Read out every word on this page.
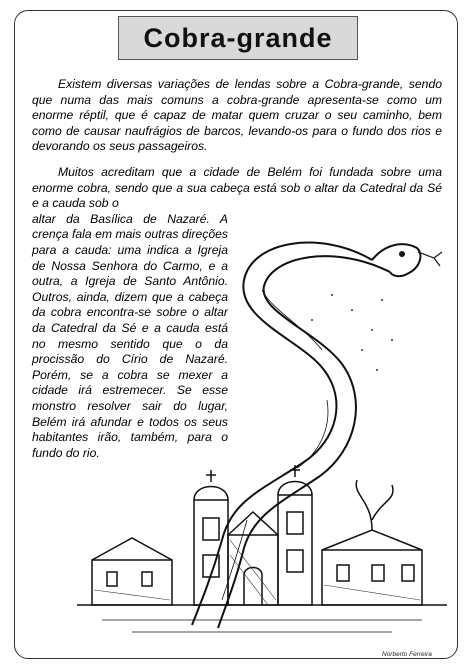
Cobra-grande

Existem diversas variações de lendas sobre a Cobra-grande, sendo que numa das mais comuns a cobra-grande apresenta-se como um enorme réptil, que é capaz de matar quem cruzar o seu caminho, bem como de causar naufrágios de barcos, levando-os para o fundo dos rios e devorando os seus passageiros.

Muitos acreditam que a cidade de Belém foi fundada sobre uma enorme cobra, sendo que a sua cabeça está sob o altar da Catedral da Sé e a cauda sob o
altar da Basílica de Nazaré. A crença fala em mais outras direções para a cauda: uma indica a Igreja de Nossa Senhora do Carmo, e a outra, a Igreja de Santo Antônio. Outros, ainda, dizem que a cabeça da cobra encontra-se sobre o altar da Catedral da Sé e a cauda está no mesmo sentido que o da procissão do Círio de Nazaré. Porém, se a cobra se mexer a cidade irá estremecer. Se esse monstro resolver sair do lugar, Belém irá afundar e todos os seus habitantes irão, também, para o fundo do rio.
Norberto Ferreira
